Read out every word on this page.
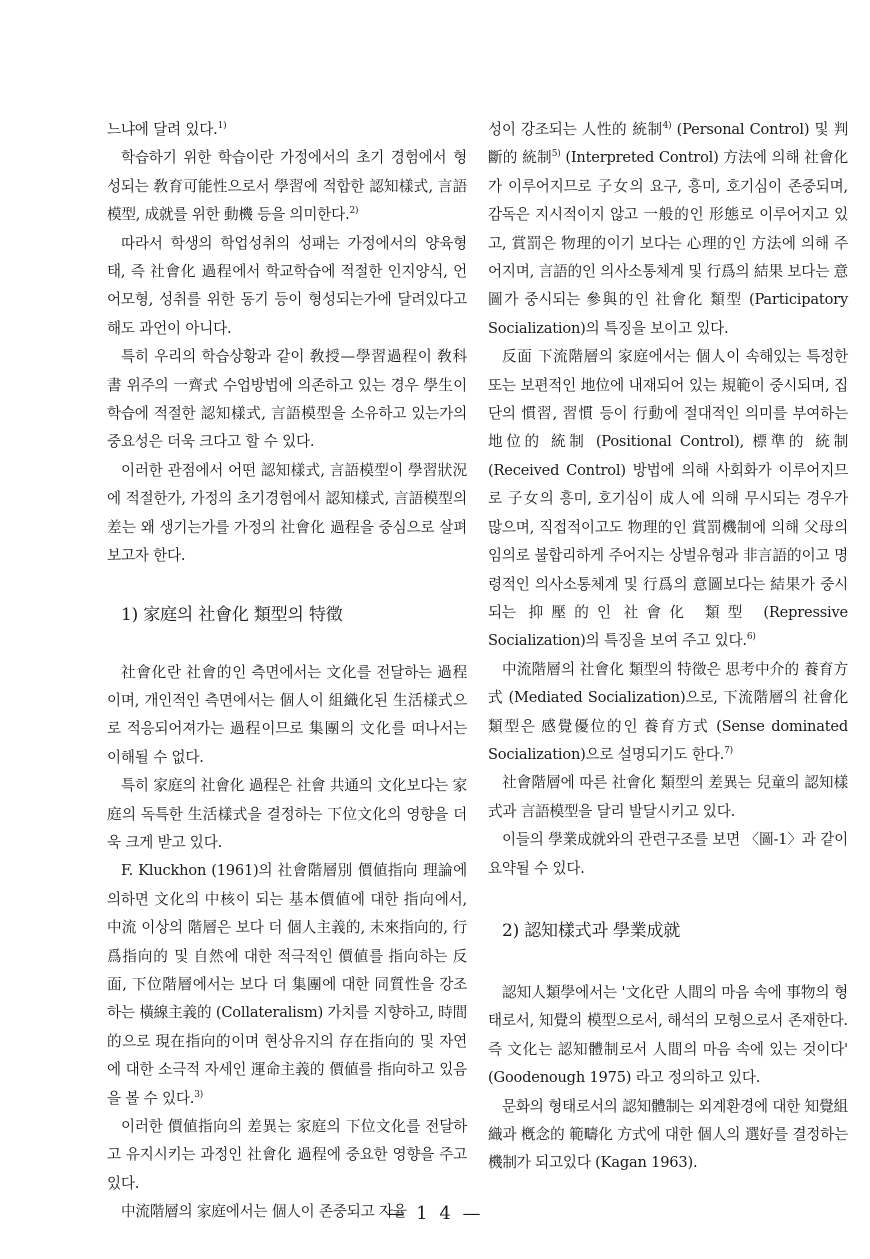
느냐에 달려 있다.$^{1)}$

학습하기 위한 학습이란 가정에서의 초기 경험에서 형성되는 敎育可能性으로서 學習에 적합한 認知樣式, 言語模型, 成就를 위한 動機 등을 의미한다.$^{2)}$

따라서 학생의 학업성취의 성패는 가정에서의 양육형태, 즉 社會化 過程에서 학교학습에 적절한 인지양식, 언어모형, 성취를 위한 동기 등이 형성되는가에 달려있다고 해도 과언이 아니다.

특히 우리의 학습상황과 같이 敎授—學習過程이 敎科書 위주의 一齊式 수업방법에 의존하고 있는 경우 學生이 학습에 적절한 認知樣式, 言語模型을 소유하고 있는가의 중요성은 더욱 크다고 할 수 있다.

이러한 관점에서 어떤 認知樣式, 言語模型이 學習狀況에 적절한가, 가정의 초기경험에서 認知樣式, 言語模型의 差는 왜 생기는가를 가정의 社會化 過程을 중심으로 살펴보고자 한다.

1) 家庭의 社會化 類型의 特徵

社會化란 社會的인 측면에서는 文化를 전달하는 過程이며, 개인적인 측면에서는 個人이 組織化된 生活樣式으로 적응되어져가는 過程이므로 集團의 文化를 떠나서는 이해될 수 없다.

특히 家庭의 社會化 過程은 社會 共通의 文化보다는 家庭의 독특한 生活樣式을 결정하는 下位文化의 영향을 더욱 크게 받고 있다.

F. Kluckhon (1961)의 社會階層別 價値指向 理論에 의하면 文化의 中核이 되는 基本價値에 대한 指向에서, 中流 이상의 階層은 보다 더 個人主義的, 未來指向的, 行爲指向的 및 自然에 대한 적극적인 價値를 指向하는 反面, 下位階層에서는 보다 더 集團에 대한 同質性을 강조하는 橫線主義的 (Collateralism) 가치를 지향하고, 時間的으로 現在指向的이며 현상유지의 存在指向的 및 자연에 대한 소극적 자세인 運命主義的 價値를 指向하고 있음을 볼 수 있다.$^{3)}$

이러한 價値指向의 差異는 家庭의 下位文化를 전달하고 유지시키는 과정인 社會化 過程에 중요한 영향을 주고 있다.

中流階層의 家庭에서는 個人이 존중되고 자율

성이 강조되는 人性的 統制$^{4)}$ (Personal Control) 및 判斷的 統制$^{5)}$ (Interpreted Control) 方法에 의해 社會化가 이루어지므로 子女의 요구, 흥미, 호기심이 존중되며, 감독은 지시적이지 않고 一般的인 形態로 이루어지고 있고, 賞罰은 物理的이기 보다는 心理的인 方法에 의해 주어지며, 言語的인 의사소통체계 및 行爲의 結果 보다는 意圖가 중시되는 參與的인 社會化 類型 (Participatory Socialization)의 특징을 보이고 있다.

反面 下流階層의 家庭에서는 個人이 속해있는 특정한 또는 보편적인 地位에 내재되어 있는 規範이 중시되며, 집단의 慣習, 習慣 등이 行動에 절대적인 의미를 부여하는 地位的 統制 (Positional Control), 標準的 統制 (Received Control) 방법에 의해 사회화가 이루어지므로 子女의 흥미, 호기심이 成人에 의해 무시되는 경우가 많으며, 직접적이고도 物理的인 賞罰機制에 의해 父母의 임의로 불합리하게 주어지는 상벌유형과 非言語的이고 명령적인 의사소통체계 및 行爲의 意圖보다는 結果가 중시되는 抑壓的인 社會化 類型 (Repressive Socialization)의 특징을 보여 주고 있다.$^{6)}$

中流階層의 社會化 類型의 特徵은 思考中介的 養育方式 (Mediated Socialization)으로, 下流階層의 社會化 類型은 感覺優位的인 養育方式 (Sense dominated Socialization)으로 설명되기도 한다.$^{7)}$

社會階層에 따른 社會化 類型의 差異는 兒童의 認知樣式과 言語模型을 달리 발달시키고 있다.

이들의 學業成就와의 관련구조를 보면 〈圖-1〉과 같이 요약될 수 있다.

2) 認知樣式과 學業成就

認知人類學에서는 '文化란 人間의 마음 속에 事物의 형태로서, 知覺의 模型으로서, 해석의 모형으로서 존재한다. 즉 文化는 認知體制로서 人間의 마음 속에 있는 것이다' (Goodenough 1975) 라고 정의하고 있다.

문화의 형태로서의 認知體制는 외계환경에 대한 知覺組織과 槪念的 範疇化 方式에 대한 個人의 選好를 결정하는 機制가 되고있다 (Kagan 1963).

— 1 4 —
